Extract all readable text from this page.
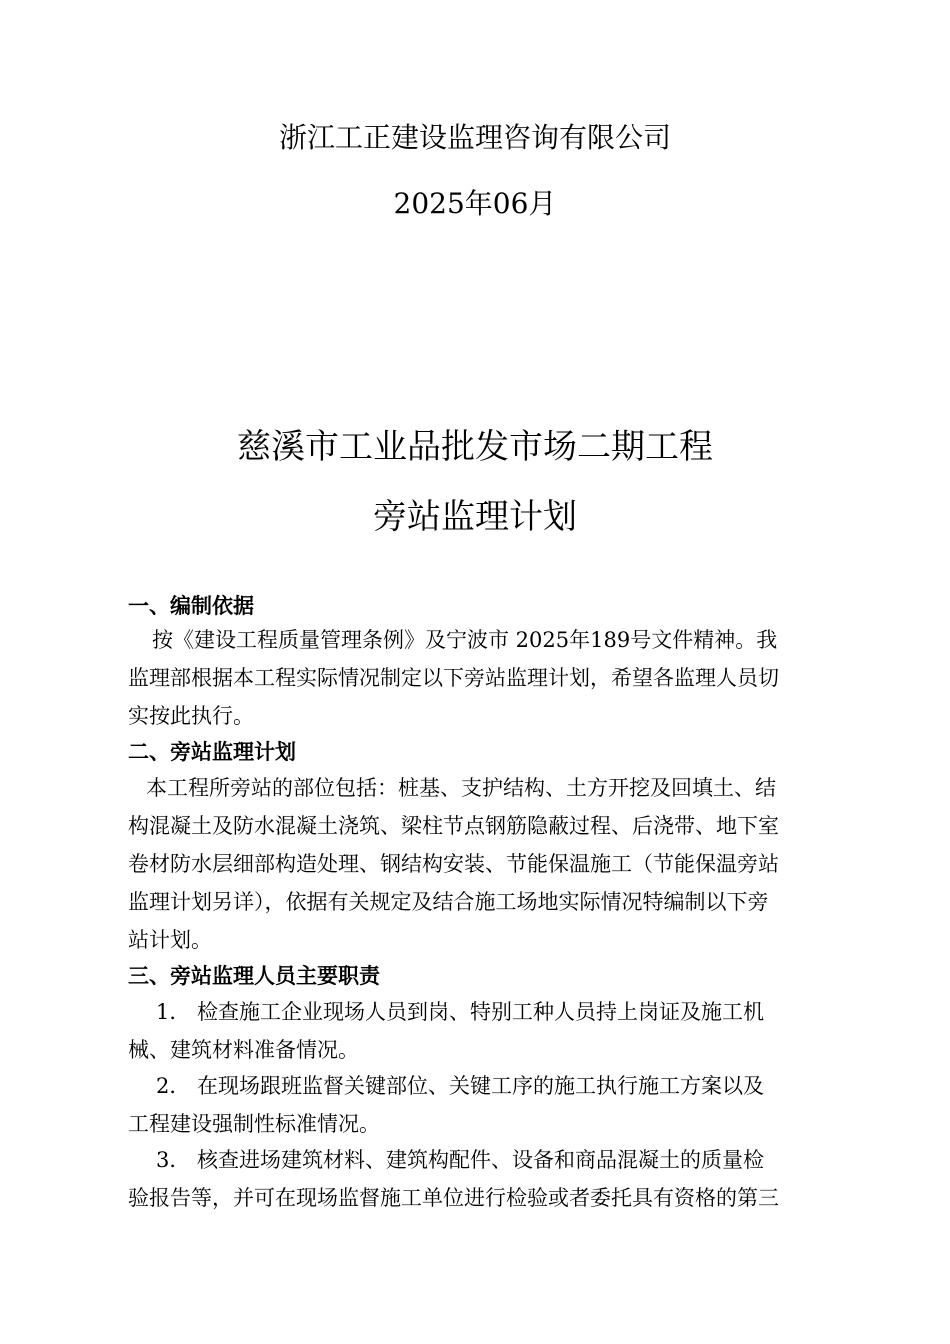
浙江工正建设监理咨询有限公司
2025年06月
慈溪市工业品批发市场二期工程
旁站监理计划
一、编制依据
按《建设工程质量管理条例》及宁波市 2025年189号文件精神。我
监理部根据本工程实际情况制定以下旁站监理计划，希望各监理人员切
实按此执行。
二、旁站监理计划
本工程所旁站的部位包括：桩基、支护结构、土方开挖及回填土、结
构混凝土及防水混凝土浇筑、梁柱节点钢筋隐蔽过程、后浇带、地下室
卷材防水层细部构造处理、钢结构安装、节能保温施工（节能保温旁站
监理计划另详），依据有关规定及结合施工场地实际情况特编制以下旁
站计划。
三、旁站监理人员主要职责
1． 检查施工企业现场人员到岗、特别工种人员持上岗证及施工机
械、建筑材料准备情况。
2． 在现场跟班监督关键部位、关键工序的施工执行施工方案以及
工程建设强制性标准情况。
3． 核查进场建筑材料、建筑构配件、设备和商品混凝土的质量检
验报告等，并可在现场监督施工单位进行检验或者委托具有资格的第三
